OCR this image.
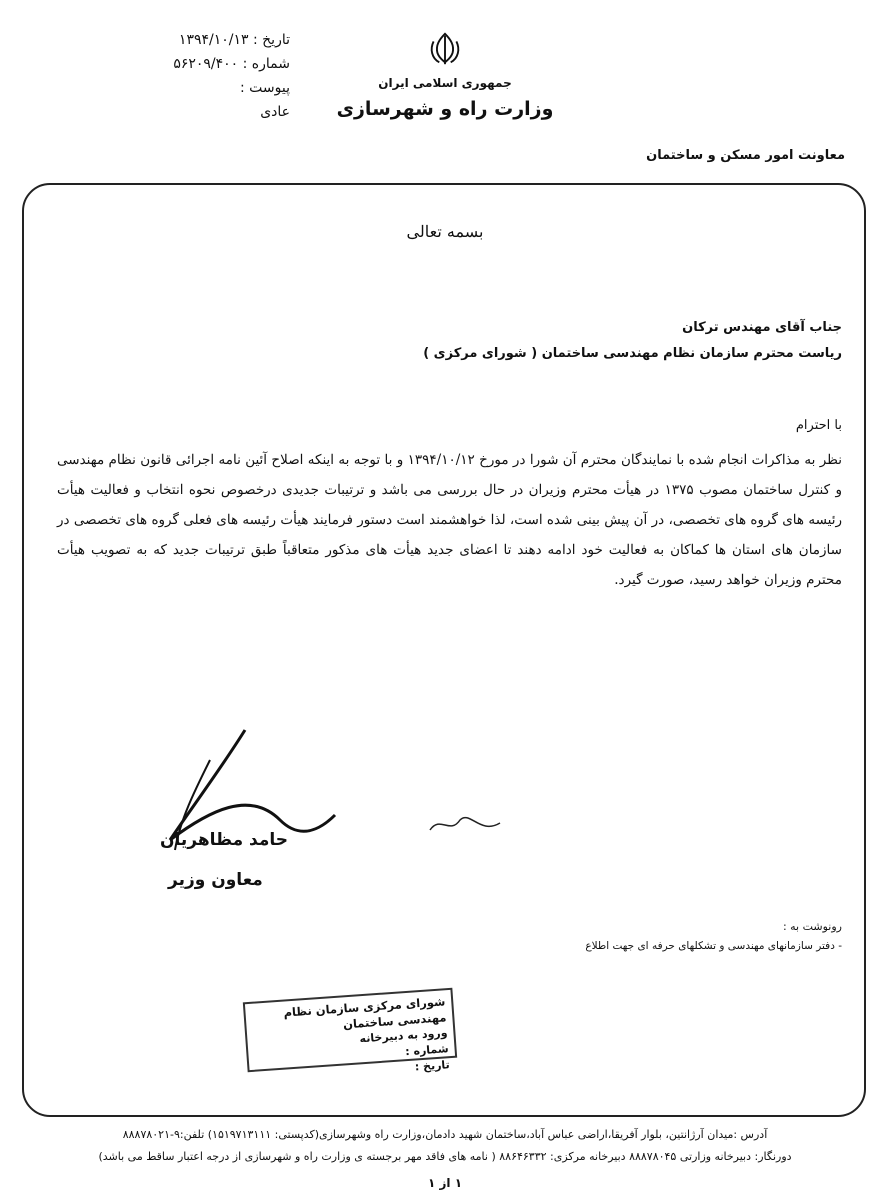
تاریخ : ۱۳۹۴/۱۰/۱۳
شماره : ۵۶۲۰۹/۴۰۰
پیوست :
عادی
جمهوری اسلامی ایران
وزارت راه و شهرسازی
معاونت امور مسکن و ساختمان
بسمه تعالی
جناب آقای مهندس ترکان
ریاست محترم سازمان نظام مهندسی ساختمان ( شورای مرکزی )
با احترام
نظر به مذاکرات انجام شده با نمایندگان محترم آن شورا در مورخ ۱۳۹۴/۱۰/۱۲ و با توجه به اینکه اصلاح آئین نامه اجرائی قانون نظام مهندسی و کنترل ساختمان مصوب ۱۳۷۵ در هیأت محترم وزیران در حال بررسی می باشد و ترتیبات جدیدی درخصوص نحوه انتخاب و فعالیت هیأت رئیسه های گروه های تخصصی، در آن پیش بینی شده است، لذا خواهشمند است دستور فرمایند هیأت رئیسه های فعلی گروه های تخصصی در سازمان های استان ها کماکان به فعالیت خود ادامه دهند تا اعضای جدید هیأت های مذکور متعاقباً طبق ترتیبات جدید که به تصویب هیأت محترم وزیران خواهد رسید، صورت گیرد.
حامد مظاهریان
معاون وزیر
رونوشت به :
- دفتر سازمانهای مهندسی و تشکلهای حرفه ای جهت اطلاع
شورای مرکزی سازمان نظام مهندسی ساختمان
ورود به دبیرخانه
شماره :
تاریخ :
آدرس :میدان آرژانتین، بلوار آفریقا،اراضی عباس آباد،ساختمان شهید دادمان،وزارت راه وشهرسازی(کدپستی: ۱۵۱۹۷۱۳۱۱۱) تلفن:۹-۸۸۸۷۸۰۲۱
دورنگار: دبیرخانه وزارتی ۸۸۸۷۸۰۴۵ دبیرخانه مرکزی: ۸۸۶۴۶۳۳۲ ( نامه های فاقد مهر برجسته ی وزارت راه و شهرسازی از درجه اعتبار ساقط می باشد)
۱ از ۱
